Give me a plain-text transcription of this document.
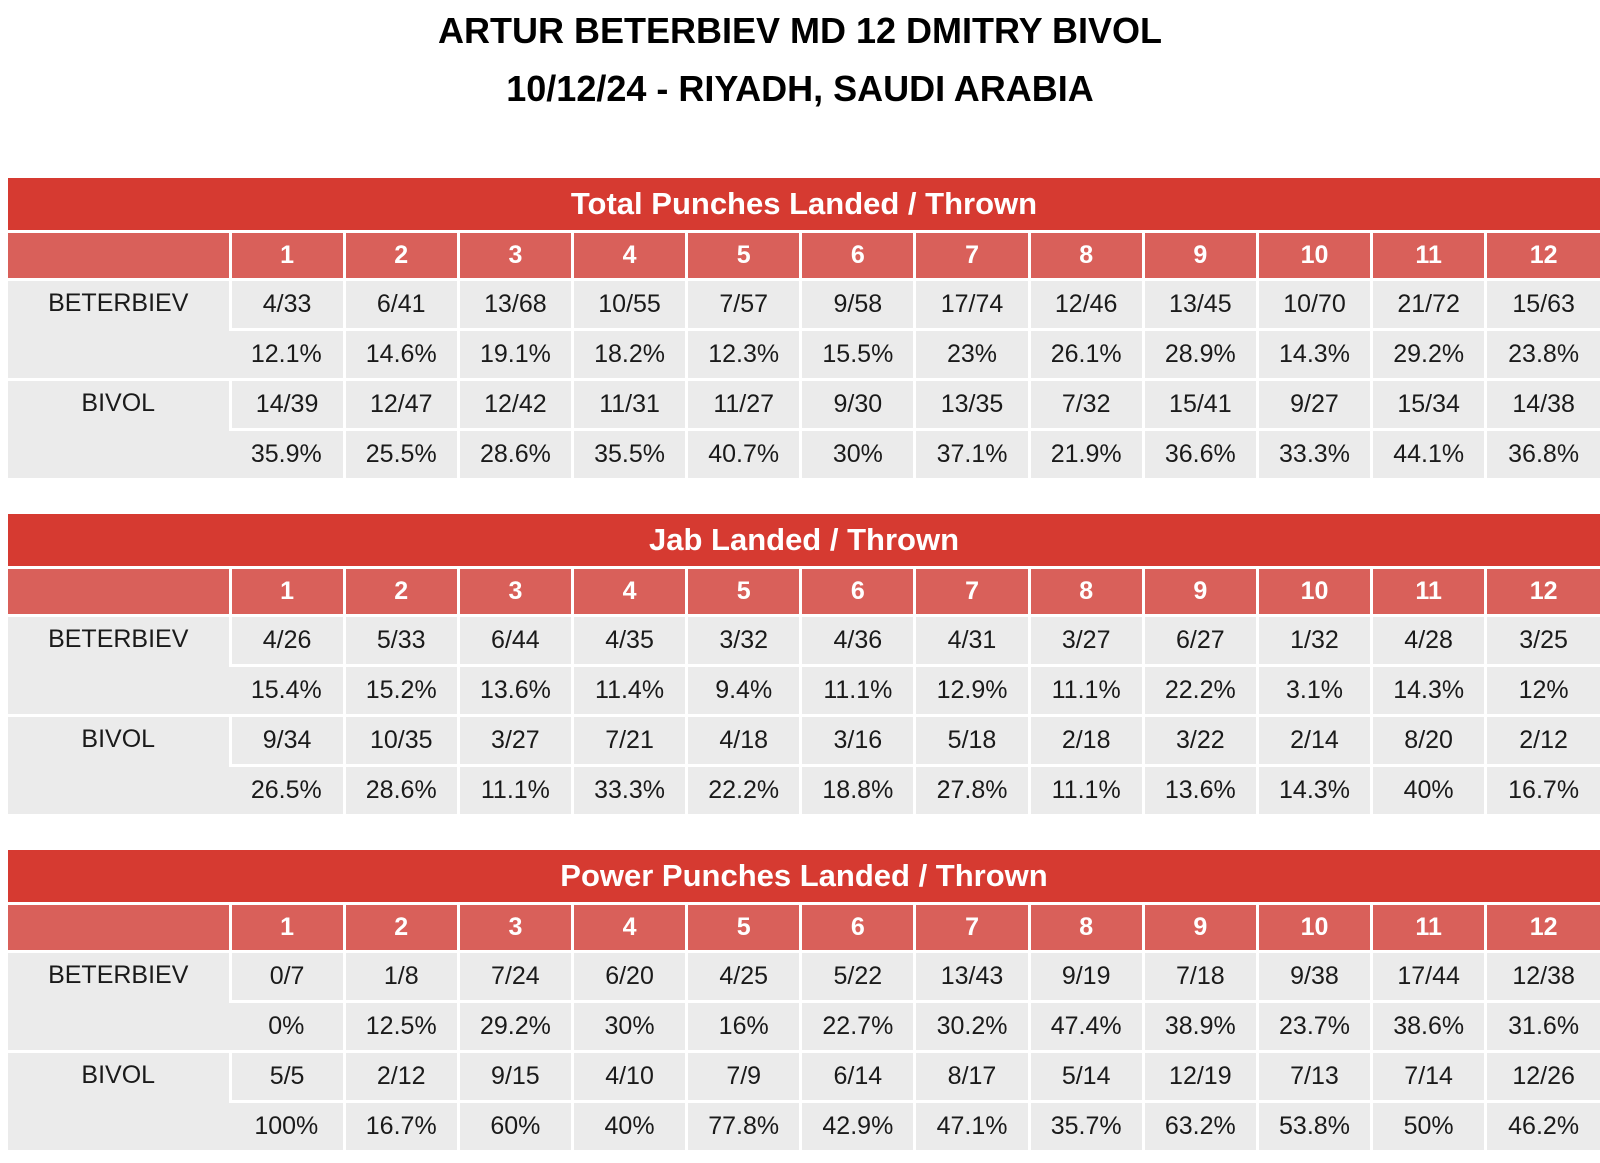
ARTUR BETERBIEV MD 12 DMITRY BIVOL
10/12/24 - RIYADH, SAUDI ARABIA
Total Punches Landed / Thrown
	1	2	3	4	5	6	7	8	9	10	11	12
BETERBIEV	4/33	6/41	13/68	10/55	7/57	9/58	17/74	12/46	13/45	10/70	21/72	15/63
	12.1%	14.6%	19.1%	18.2%	12.3%	15.5%	23%	26.1%	28.9%	14.3%	29.2%	23.8%
BIVOL	14/39	12/47	12/42	11/31	11/27	9/30	13/35	7/32	15/41	9/27	15/34	14/38
	35.9%	25.5%	28.6%	35.5%	40.7%	30%	37.1%	21.9%	36.6%	33.3%	44.1%	36.8%
Jab Landed / Thrown
	1	2	3	4	5	6	7	8	9	10	11	12
BETERBIEV	4/26	5/33	6/44	4/35	3/32	4/36	4/31	3/27	6/27	1/32	4/28	3/25
	15.4%	15.2%	13.6%	11.4%	9.4%	11.1%	12.9%	11.1%	22.2%	3.1%	14.3%	12%
BIVOL	9/34	10/35	3/27	7/21	4/18	3/16	5/18	2/18	3/22	2/14	8/20	2/12
	26.5%	28.6%	11.1%	33.3%	22.2%	18.8%	27.8%	11.1%	13.6%	14.3%	40%	16.7%
Power Punches Landed / Thrown
	1	2	3	4	5	6	7	8	9	10	11	12
BETERBIEV	0/7	1/8	7/24	6/20	4/25	5/22	13/43	9/19	7/18	9/38	17/44	12/38
	0%	12.5%	29.2%	30%	16%	22.7%	30.2%	47.4%	38.9%	23.7%	38.6%	31.6%
BIVOL	5/5	2/12	9/15	4/10	7/9	6/14	8/17	5/14	12/19	7/13	7/14	12/26
	100%	16.7%	60%	40%	77.8%	42.9%	47.1%	35.7%	63.2%	53.8%	50%	46.2%
